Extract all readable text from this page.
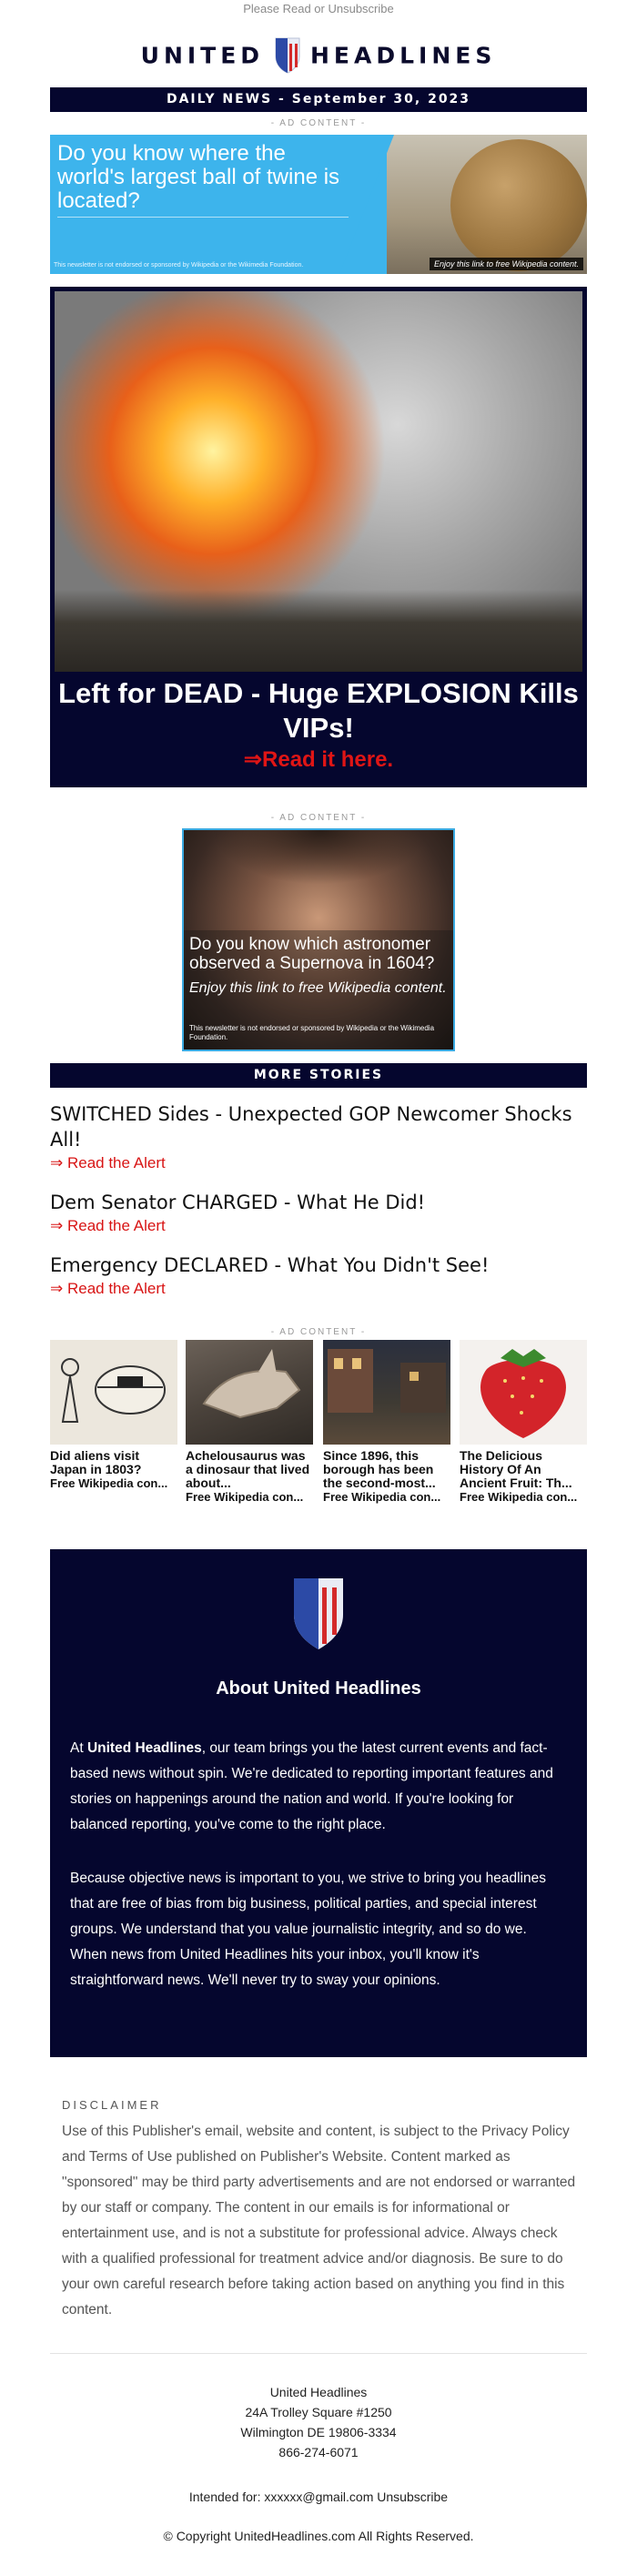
Please Read or Unsubscribe
UNITED HEADLINES
DAILY NEWS - September 30, 2023
- AD CONTENT -
Do you know where the world's largest ball of twine is located?
This newsletter is not endorsed or sponsored by Wikipedia or the Wikimedia Foundation.	Enjoy this link to free Wikipedia content.
Left for DEAD - Huge EXPLOSION Kills VIPs!
⇒Read it here.
- AD CONTENT -
Do you know which astronomer observed a Supernova in 1604?
Enjoy this link to free Wikipedia content.
This newsletter is not endorsed or sponsored by Wikipedia or the Wikimedia Foundation.
MORE STORIES
SWITCHED Sides - Unexpected GOP Newcomer Shocks All!
⇒ Read the Alert
Dem Senator CHARGED - What He Did!
⇒ Read the Alert
Emergency DECLARED - What You Didn't See!
⇒ Read the Alert
- AD CONTENT -
Did aliens visit Japan in 1803?
Free Wikipedia con...
Achelousaurus was a dinosaur that lived about...
Free Wikipedia con...
Since 1896, this borough has been the second-most...
Free Wikipedia con...
The Delicious History Of An Ancient Fruit: Th...
Free Wikipedia con...
About United Headlines

At United Headlines, our team brings you the latest current events and fact-based news without spin. We're dedicated to reporting important features and stories on happenings around the nation and world. If you're looking for balanced reporting, you've come to the right place.

Because objective news is important to you, we strive to bring you headlines that are free of bias from big business, political parties, and special interest groups. We understand that you value journalistic integrity, and so do we. When news from United Headlines hits your inbox, you'll know it's straightforward news. We'll never try to sway your opinions.

DISCLAIMER
Use of this Publisher's email, website and content, is subject to the Privacy Policy and Terms of Use published on Publisher's Website. Content marked as "sponsored" may be third party advertisements and are not endorsed or warranted by our staff or company. The content in our emails is for informational or entertainment use, and is not a substitute for professional advice. Always check with a qualified professional for treatment advice and/or diagnosis. Be sure to do your own careful research before taking action based on anything you find in this content.
United Headlines
24A Trolley Square #1250
Wilmington DE 19806-3334
866-274-6071
Intended for: xxxxxx@gmail.com Unsubscribe
© Copyright UnitedHeadlines.com All Rights Reserved.
